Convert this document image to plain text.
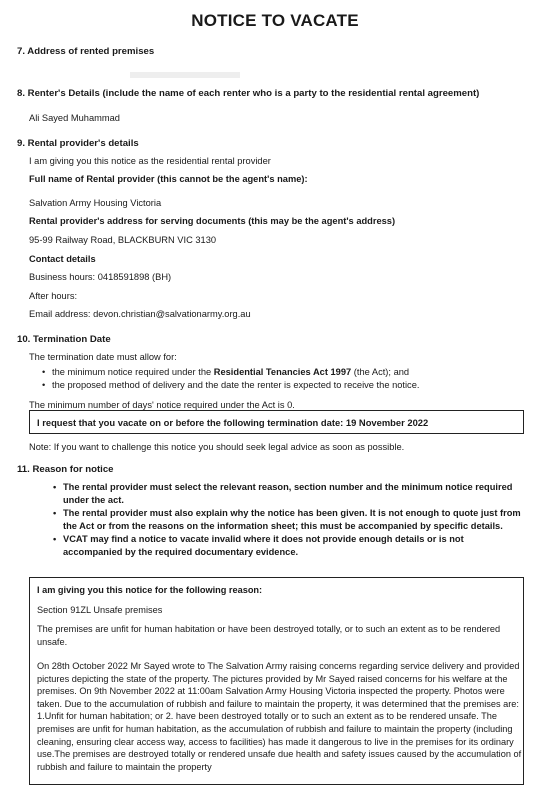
NOTICE TO VACATE
7. Address of rented premises
8. Renter's Details (include the name of each renter who is a party to the residential rental agreement)
Ali Sayed Muhammad
9. Rental provider's details
I am giving you this notice as the residential rental provider
Full name of Rental provider (this cannot be the agent's name):
Salvation Army Housing Victoria
Rental provider's address for serving documents (this may be the agent's address)
95-99 Railway Road, BLACKBURN VIC 3130
Contact details
Business hours: 0418591898 (BH)
After hours:
Email address: devon.christian@salvationarmy.org.au
10. Termination Date
The termination date must allow for:
• the minimum notice required under the Residential Tenancies Act 1997 (the Act); and
• the proposed method of delivery and the date the renter is expected to receive the notice.
The minimum number of days' notice required under the Act is 0.
I request that you vacate on or before the following termination date: 19 November 2022
Note: If you want to challenge this notice you should seek legal advice as soon as possible.
11. Reason for notice
• The rental provider must select the relevant reason, section number and the minimum notice required under the act.
• The rental provider must also explain why the notice has been given. It is not enough to quote just from the Act or from the reasons on the information sheet; this must be accompanied by specific details.
• VCAT may find a notice to vacate invalid where it does not provide enough details or is not accompanied by the required documentary evidence.
I am giving you this notice for the following reason:
Section 91ZL Unsafe premises
The premises are unfit for human habitation or have been destroyed totally, or to such an extent as to be rendered unsafe.
On 28th October 2022 Mr Sayed wrote to The Salvation Army raising concerns regarding service delivery and provided pictures depicting the state of the property. The pictures provided by Mr Sayed raised concerns for his welfare at the premises. On 9th November 2022 at 11:00am Salvation Army Housing Victoria inspected the property. Photos were taken. Due to the accumulation of rubbish and failure to maintain the property, it was determined that the premises are: 1.Unfit for human habitation; or 2. have been destroyed totally or to such an extent as to be rendered unsafe. The premises are unfit for human habitation, as the accumulation of rubbish and failure to maintain the property (including cleaning, ensuring clear access way, access to facilities) has made it dangerous to live in the premises for its ordinary use.The premises are destroyed totally or rendered unsafe due health and safety issues caused by the accumulation of rubbish and failure to maintain the property
